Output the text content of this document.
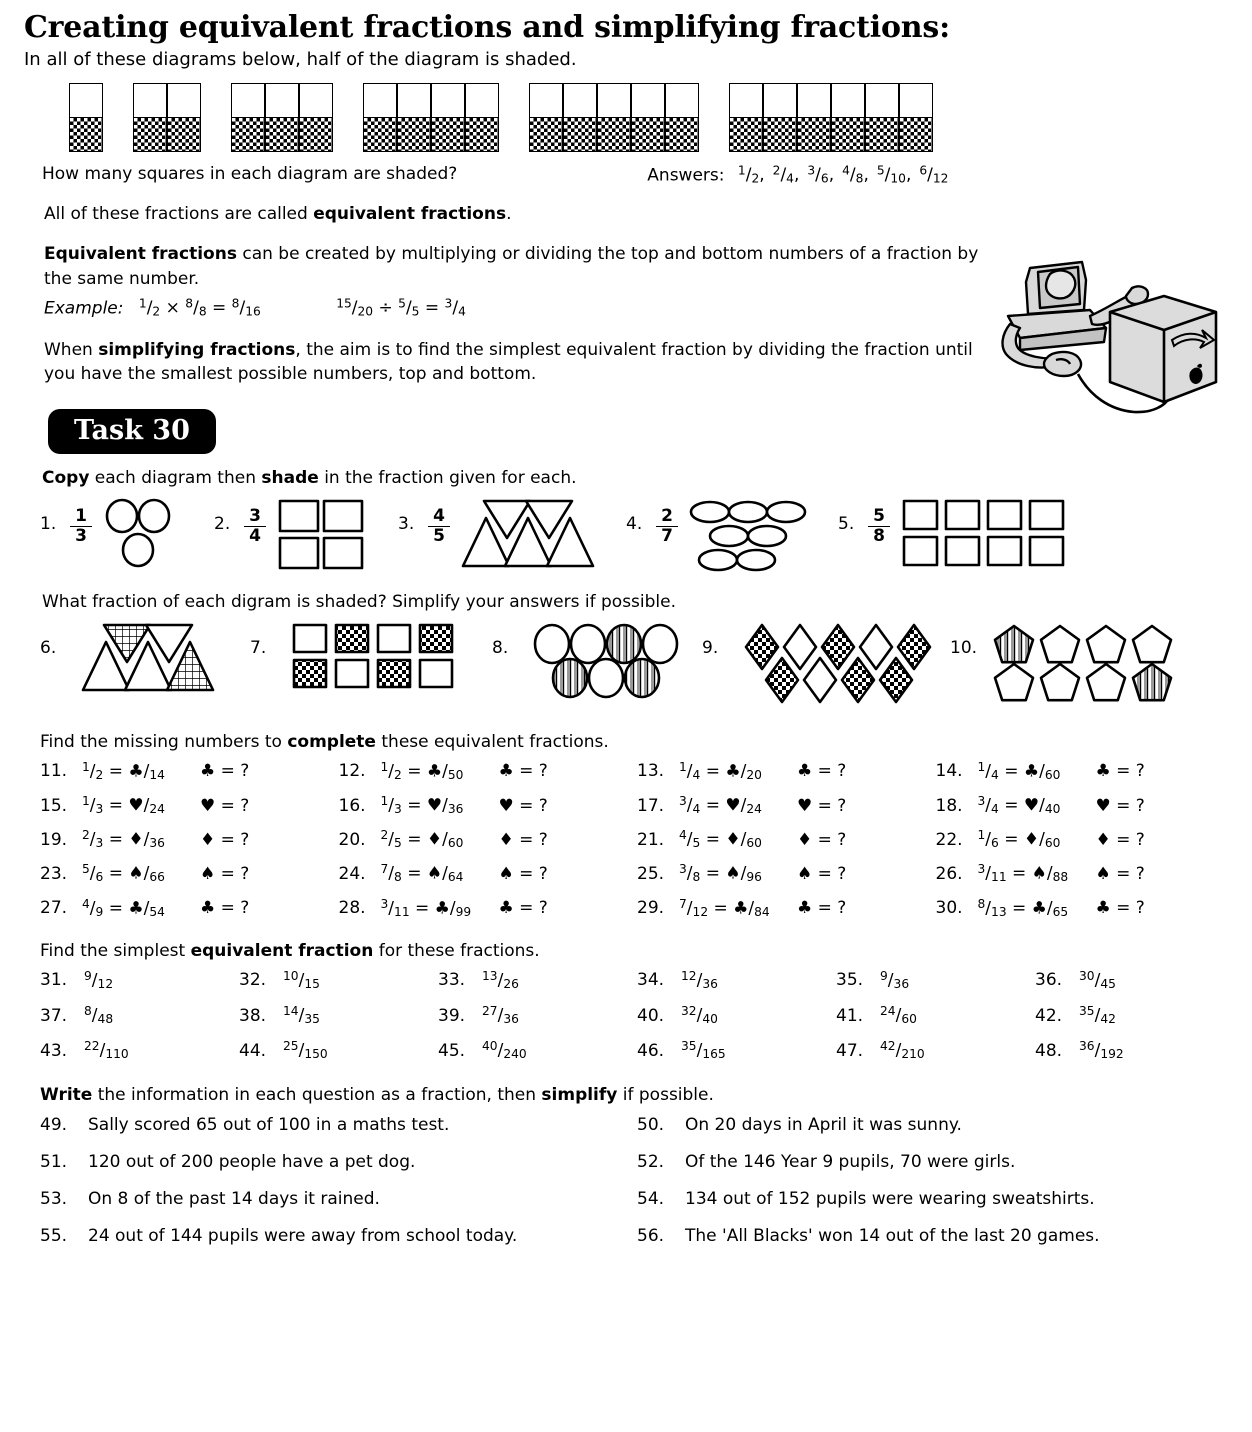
Creating equivalent fractions and simplifying fractions:
In all of these diagrams below, half of the diagram is shaded.
How many squares in each diagram are shaded?	Answers: $^1/_2$, $^2/_4$, $^3/_6$, $^4/_8$, $^5/_{10}$, $^6/_{12}$
All of these fractions are called equivalent fractions.
Equivalent fractions can be created by multiplying or dividing the top and bottom numbers of a fraction by the same number.
Example: $^1/_2 \times ^8/_8 = ^8/_{16}$ $^{15}/_{20} \div ^5/_5 = ^3/_4$
When simplifying fractions, the aim is to find the simplest equivalent fraction by dividing the fraction until you have the smallest possible numbers, top and bottom.
Task 30
Copy each diagram then shade in the fraction given for each.
1. $\frac{1}{3}$	2. $\frac{3}{4}$	3. $\frac{4}{5}$	4. $\frac{2}{7}$	5. $\frac{5}{8}$
What fraction of each digram is shaded? Simplify your answers if possible.
6.	7.	8.	9.	10.
Find the missing numbers to complete these equivalent fractions.
11.	$^1/_2$ = $♣/_{14}$	♣ = ?	12.	$^1/_2$ = $♣/_{50}$	♣ = ?	13.	$^1/_4$ = $♣/_{20}$	♣ = ?	14.	$^1/_4$ = $♣/_{60}$	♣ = ?
15.	$^1/_3$ = $♥/_{24}$	♥ = ?	16.	$^1/_3$ = $♥/_{36}$	♥ = ?	17.	$^3/_4$ = $♥/_{24}$	♥ = ?	18.	$^3/_4$ = $♥/_{40}$	♥ = ?
19.	$^2/_3$ = $♦/_{36}$	♦ = ?	20.	$^2/_5$ = $♦/_{60}$	♦ = ?	21.	$^4/_5$ = $♦/_{60}$	♦ = ?	22.	$^1/_6$ = $♦/_{60}$	♦ = ?
23.	$^5/_6$ = $♠/_{66}$	♠ = ?	24.	$^7/_8$ = $♠/_{64}$	♠ = ?	25.	$^3/_8$ = $♠/_{96}$	♠ = ?	26.	$^3/_{11}$ = $♠/_{88}$	♠ = ?
27.	$^4/_9$ = $♣/_{54}$	♣ = ?	28.	$^3/_{11}$ = $♣/_{99}$	♣ = ?	29.	$^7/_{12}$ = $♣/_{84}$	♣ = ?	30.	$^8/_{13}$ = $♣/_{65}$	♣ = ?
Find the simplest equivalent fraction for these fractions.
31.	$^9/_{12}$	32.	$^{10}/_{15}$	33.	$^{13}/_{26}$	34.	$^{12}/_{36}$	35.	$^9/_{36}$	36.	$^{30}/_{45}$
37.	$^8/_{48}$	38.	$^{14}/_{35}$	39.	$^{27}/_{36}$	40.	$^{32}/_{40}$	41.	$^{24}/_{60}$	42.	$^{35}/_{42}$
43.	$^{22}/_{110}$	44.	$^{25}/_{150}$	45.	$^{40}/_{240}$	46.	$^{35}/_{165}$	47.	$^{42}/_{210}$	48.	$^{36}/_{192}$
Write the information in each question as a fraction, then simplify if possible.
49.	Sally scored 65 out of 100 in a maths test.	50.	On 20 days in April it was sunny.
51.	120 out of 200 people have a pet dog.	52.	Of the 146 Year 9 pupils, 70 were girls.
53.	On 8 of the past 14 days it rained.	54.	134 out of 152 pupils were wearing sweatshirts.
55.	24 out of 144 pupils were away from school today.	56.	The 'All Blacks' won 14 out of the last 20 games.
